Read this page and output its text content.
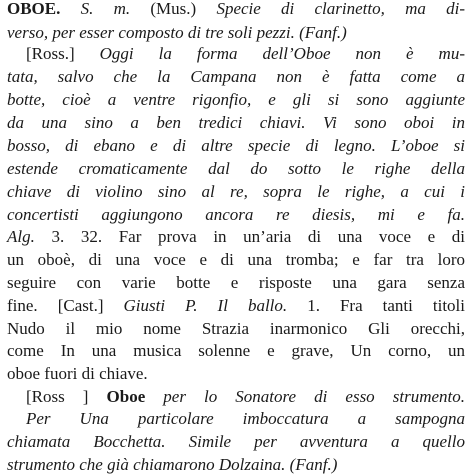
OBOE. S. m. (Mus.) Specie di clarinetto, ma di-
verso, per esser composto di tre soli pezzi. (Fanf.)
[Ross.] Oggi la forma dell’Oboe non è mu-
tata, salvo che la Campana non è fatta come a
botte, cioè a ventre rigonfio, e gli si sono aggiunte
da una sino a ben tredici chiavi. Vi sono oboi in
bosso, di ebano e di altre specie di legno. L’oboe si
estende cromaticamente dal do sotto le righe della
chiave di violino sino al re, sopra le righe, a cui i
concertisti aggiungono ancora re diesis, mi e fa.
Alg. 3. 32. Far prova in un’aria di una voce e di
un oboè, di una voce e di una tromba; e far tra loro
seguire con varie botte e risposte una gara senza
fine. [Cast.] Giusti P. Il ballo. 1. Fra tanti titoli
Nudo il mio nome Strazia inarmonico Gli orecchi,
come In una musica solenne e grave, Un corno, un
oboe fuori di chiave.
[Ross ] Oboe per lo Sonatore di esso strumento.
Per Una particolare imboccatura a sampogna
chiamata Bocchetta. Simile per avventura a quello
strumento che già chiamarono Dolzaina. (Fanf.)
